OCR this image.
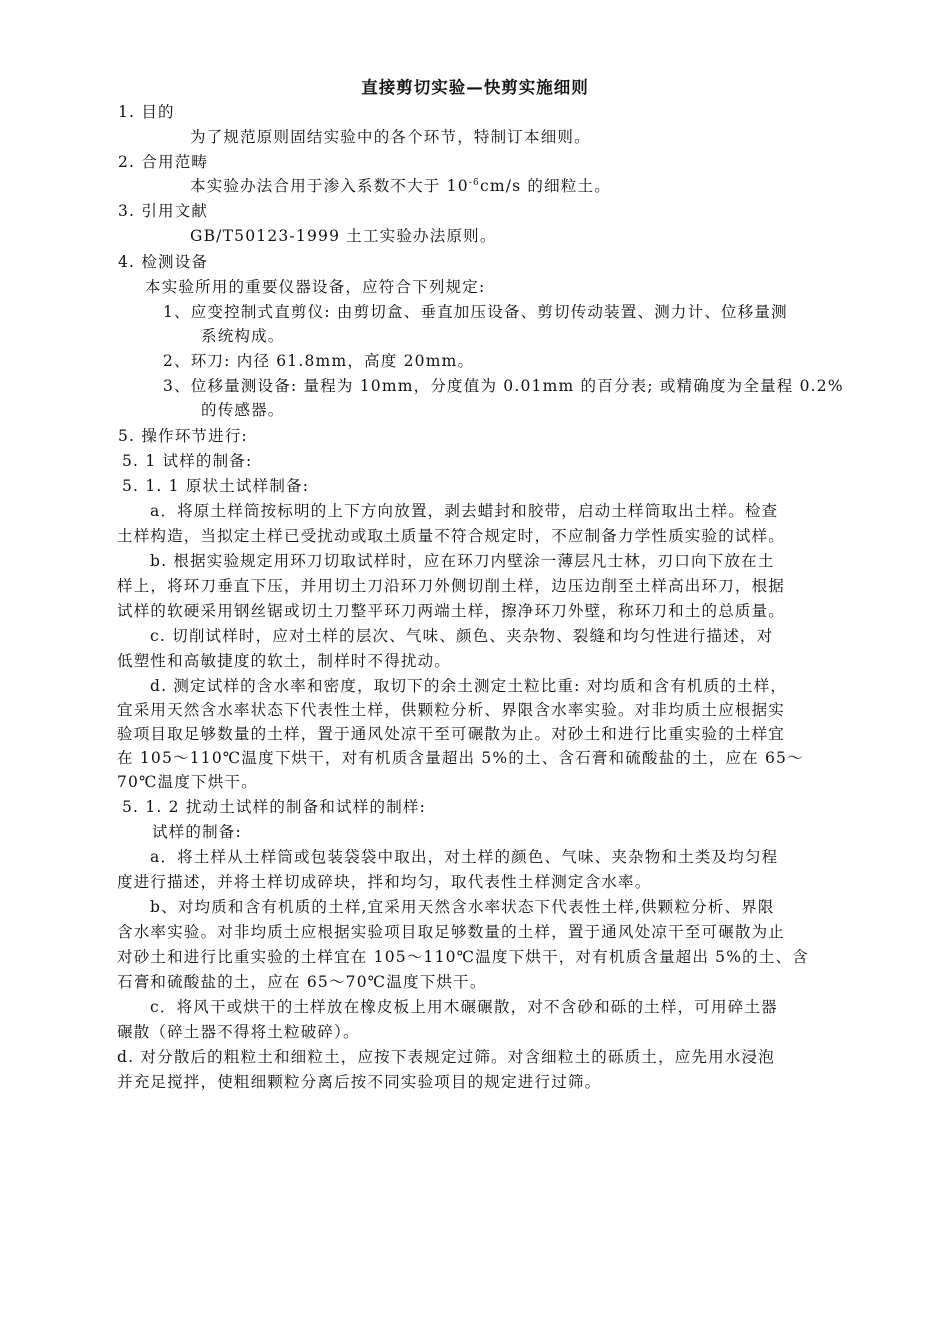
直接剪切实验—快剪实施细则
1. 目的
为了规范原则固结实验中的各个环节，特制订本细则。
2. 合用范畴
本实验办法合用于渗入系数不大于 $10^{-6}cm/s$ 的细粒土。
3. 引用文献
GB/T50123-1999 土工实验办法原则。
4. 检测设备
本实验所用的重要仪器设备，应符合下列规定:
1、应变控制式直剪仪: 由剪切盒、垂直加压设备、剪切传动装置、测力计、位移量测
系统构成。
2、环刀: 内径 61.8mm，高度 20mm。
3、位移量测设备: 量程为 10mm，分度值为 0.01mm 的百分表; 或精确度为全量程 0.2%
的传感器。
5. 操作环节进行:
5. 1 试样的制备:
5. 1. 1 原状土试样制备:
a．将原土样筒按标明的上下方向放置，剥去蜡封和胶带，启动土样筒取出土样。检查
土样构造，当拟定土样已受扰动或取土质量不符合规定时，不应制备力学性质实验的试样。
b. 根据实验规定用环刀切取试样时，应在环刀内壁涂一薄层凡士林，刃口向下放在土
样上，将环刀垂直下压，并用切土刀沿环刀外侧切削土样，边压边削至土样高出环刀，根据
试样的软硬采用钢丝锯或切土刀整平环刀两端土样，擦净环刀外壁，称环刀和土的总质量。
c. 切削试样时，应对土样的层次、气味、颜色、夹杂物、裂缝和均匀性进行描述，对
低塑性和高敏捷度的软土，制样时不得扰动。
d. 测定试样的含水率和密度，取切下的余土测定土粒比重: 对均质和含有机质的土样，
宜采用天然含水率状态下代表性土样，供颗粒分析、界限含水率实验。对非均质土应根据实
验项目取足够数量的土样，置于通风处凉干至可碾散为止。对砂土和进行比重实验的土样宜
在 105～110℃温度下烘干，对有机质含量超出 5%的土、含石膏和硫酸盐的土，应在 65～
70℃温度下烘干。
5. 1. 2 扰动土试样的制备和试样的制样:
试样的制备:
a．将土样从土样筒或包装袋袋中取出，对土样的颜色、气味、夹杂物和土类及均匀程
度进行描述，并将土样切成碎块，拌和均匀，取代表性土样测定含水率。
b、对均质和含有机质的土样,宜采用天然含水率状态下代表性土样,供颗粒分析、界限
含水率实验。对非均质土应根据实验项目取足够数量的土样，置于通风处凉干至可碾散为止
对砂土和进行比重实验的土样宜在 105～110℃温度下烘干，对有机质含量超出 5%的土、含
石膏和硫酸盐的土，应在 65～70℃温度下烘干。
c．将风干或烘干的土样放在橡皮板上用木碾碾散，对不含砂和砾的土样，可用碎土器
碾散（碎土器不得将土粒破碎）。
d. 对分散后的粗粒土和细粒土，应按下表规定过筛。对含细粒土的砾质土，应先用水浸泡
并充足搅拌，使粗细颗粒分离后按不同实验项目的规定进行过筛。
